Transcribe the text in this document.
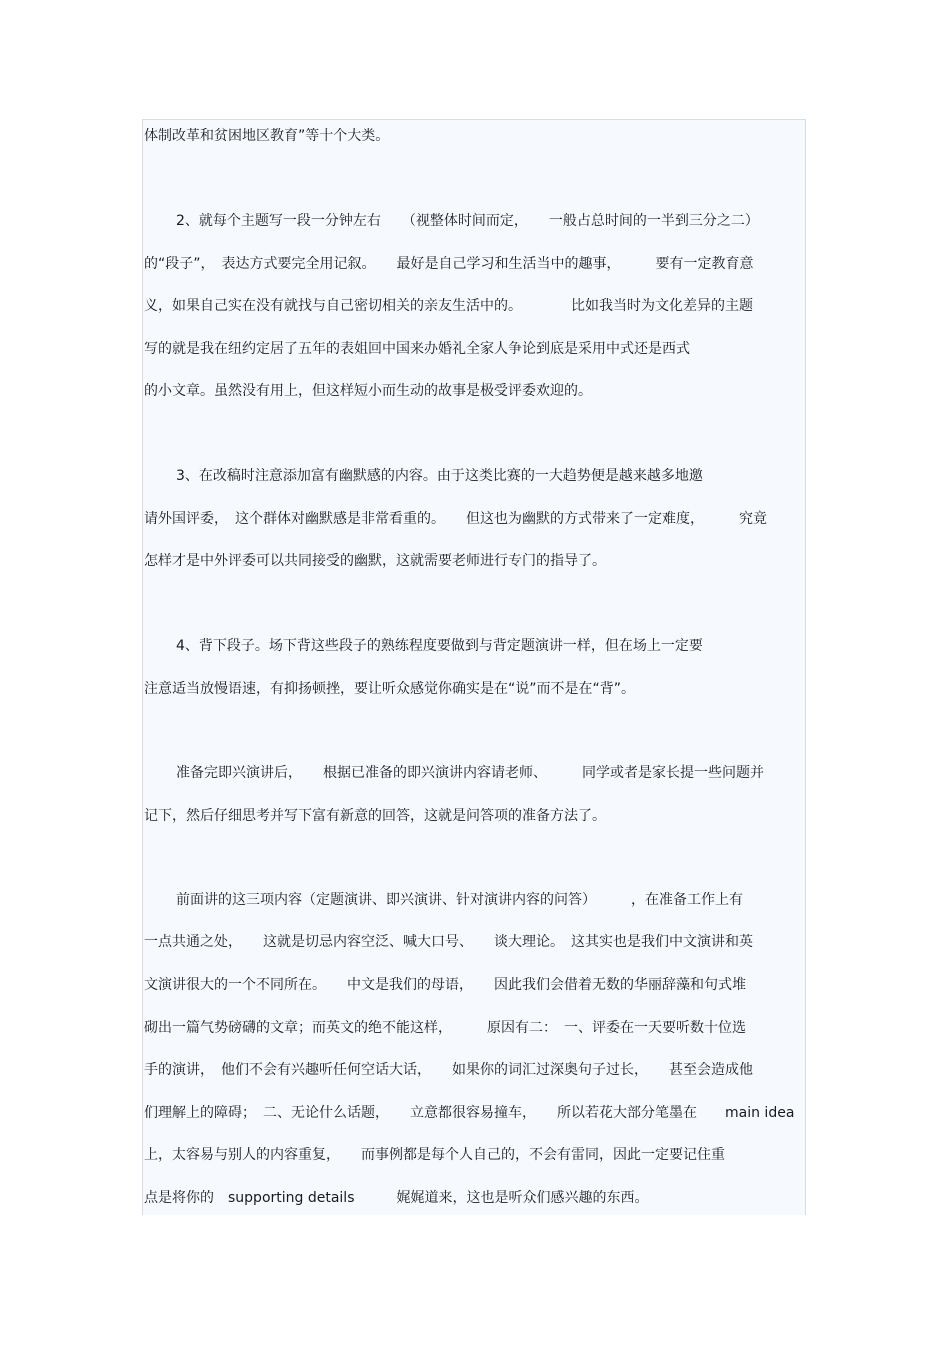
体制改革和贫困地区教育”等十个大类。
2、就每个主题写一段一分钟左右　　（视整体时间而定，　　一般占总时间的一半到三分之二）
的“段子”，　表达方式要完全用记叙。　　最好是自己学习和生活当中的趣事，　　　要有一定教育意
义，如果自己实在没有就找与自己密切相关的亲友生活中的。　　　　比如我当时为文化差异的主题
写的就是我在纽约定居了五年的表姐回中国来办婚礼全家人争论到底是采用中式还是西式
的小文章。虽然没有用上，但这样短小而生动的故事是极受评委欢迎的。
3、在改稿时注意添加富有幽默感的内容。由于这类比赛的一大趋势便是越来越多地邀
请外国评委，　这个群体对幽默感是非常看重的。　　但这也为幽默的方式带来了一定难度，　　　究竟
怎样才是中外评委可以共同接受的幽默，这就需要老师进行专门的指导了。
4、背下段子。场下背这些段子的熟练程度要做到与背定题演讲一样，但在场上一定要
注意适当放慢语速，有抑扬顿挫，要让听众感觉你确实是在“说”而不是在“背”。
准备完即兴演讲后，　　根据已准备的即兴演讲内容请老师、　　　同学或者是家长提一些问题并
记下，然后仔细思考并写下富有新意的回答，这就是问答项的准备方法了。
前面讲的这三项内容（定题演讲、即兴演讲、针对演讲内容的问答）　　　，在准备工作上有
一点共通之处，　　这就是切忌内容空泛、喊大口号、　　谈大理论。　这其实也是我们中文演讲和英
文演讲很大的一个不同所在。　　中文是我们的母语，　　因此我们会借着无数的华丽辞藻和句式堆
砌出一篇气势磅礴的文章；而英文的绝不能这样，　　　原因有二：　一、评委在一天要听数十位选
手的演讲，　他们不会有兴趣听任何空话大话，　　如果你的词汇过深奥句子过长，　　甚至会造成他
们理解上的障碍；　二、无论什么话题，　　立意都很容易撞车，　　所以若花大部分笔墨在　　main idea
上，太容易与别人的内容重复，　　而事例都是每个人自己的，不会有雷同，因此一定要记住重
点是将你的　supporting details　　　娓娓道来，这也是听众们感兴趣的东西。
